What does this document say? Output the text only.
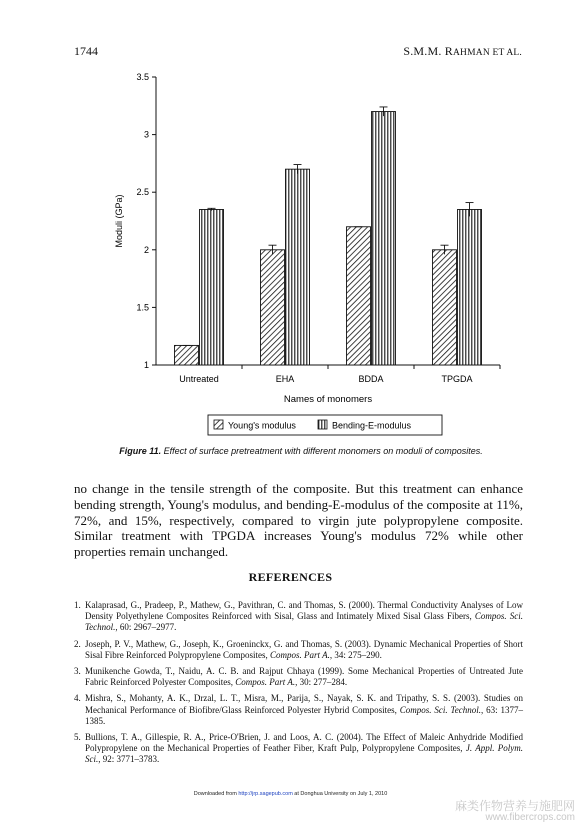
1744	S.M.M. RAHMAN ET AL.
1
1.5
2
2.5
3
3.5
Untreated	EHA	BDDA	TPGDA
Moduli (GPa)
Names of monomers
Young's modulus	Bending-E-modulus
Figure 11. Effect of surface pretreatment with different monomers on moduli of composites.
no change in the tensile strength of the composite. But this treatment can enhance bending strength, Young's modulus, and bending-E-modulus of the composite at 11%, 72%, and 15%, respectively, compared to virgin jute polypropylene composite. Similar treatment with TPGDA increases Young's modulus 72% while other properties remain unchanged.
REFERENCES
1. Kalaprasad, G., Pradeep, P., Mathew, G., Pavithran, C. and Thomas, S. (2000). Thermal Conductivity Analyses of Low Density Polyethylene Composites Reinforced with Sisal, Glass and Intimately Mixed Sisal Glass Fibers, Compos. Sci. Technol., 60: 2967–2977.
2. Joseph, P. V., Mathew, G., Joseph, K., Groeninckx, G. and Thomas, S. (2003). Dynamic Mechanical Properties of Short Sisal Fibre Reinforced Polypropylene Composites, Compos. Part A., 34: 275–290.
3. Munikenche Gowda, T., Naidu, A. C. B. and Rajput Chhaya (1999). Some Mechanical Properties of Untreated Jute Fabric Reinforced Polyester Composites, Compos. Part A., 30: 277–284.
4. Mishra, S., Mohanty, A. K., Drzal, L. T., Misra, M., Parija, S., Nayak, S. K. and Tripathy, S. S. (2003). Studies on Mechanical Performance of Biofibre/Glass Reinforced Polyester Hybrid Composites, Compos. Sci. Technol., 63: 1377–1385.
5. Bullions, T. A., Gillespie, R. A., Price-O'Brien, J. and Loos, A. C. (2004). The Effect of Maleic Anhydride Modified Polypropylene on the Mechanical Properties of Feather Fiber, Kraft Pulp, Polypropylene Composites, J. Appl. Polym. Sci., 92: 3771–3783.
Downloaded from http://jrp.sagepub.com at Donghua University on July 1, 2010
麻类作物营养与施肥网
www.fibercrops.com
